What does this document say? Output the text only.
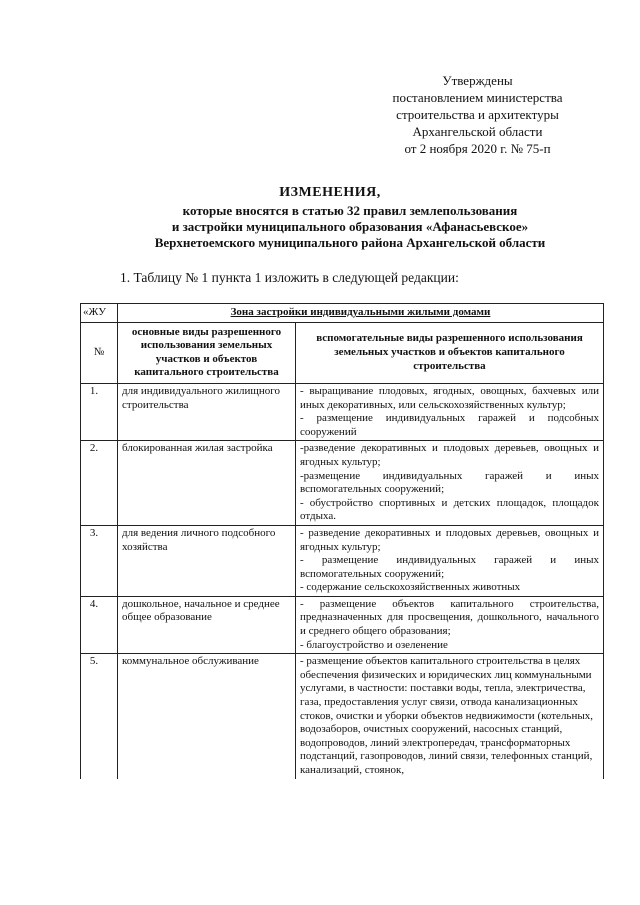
Утверждены
постановлением министерства
строительства и архитектуры
Архангельской области
от 2 ноября 2020 г. № 75-п
ИЗМЕНЕНИЯ,
которые вносятся в статью 32 правил землепользования
и застройки муниципального образования «Афанасьевское»
Верхнетоемского муниципального района Архангельской области
1. Таблицу № 1 пункта 1 изложить в следующей редакции:
«ЖУ	Зона застройки индивидуальными жилыми домами	
№	основные виды разрешенного использования земельных участков и объектов капитального строительства	вспомогательные виды разрешенного использования земельных участков и объектов капитального строительства
1.	для индивидуального жилищного строительства	- выращивание плодовых, ягодных, овощных, бахчевых или иных декоративных, или сельскохозяйственных культур;
- размещение индивидуальных гаражей и подсобных сооружений
2.	блокированная жилая застройка	-разведение декоративных и плодовых деревьев, овощных и ягодных культур;
-размещение индивидуальных гаражей и иных вспомогательных сооружений;
- обустройство спортивных и детских площадок, площадок отдыха.
3.	для ведения личного подсобного хозяйства	- разведение декоративных и плодовых деревьев, овощных и ягодных культур;
- размещение индивидуальных гаражей и иных вспомогательных сооружений;
- содержание сельскохозяйственных животных
4.	дошкольное, начальное и среднее общее образование	- размещение объектов капитального строительства, предназначенных для просвещения, дошкольного, начального и среднего общего образования;
- благоустройство и озеленение
5.	коммунальное обслуживание	- размещение объектов капитального строительства в целях обеспечения физических и юридических лиц коммунальными услугами, в частности: поставки воды, тепла, электричества, газа, предоставления услуг связи, отвода канализационных стоков, очистки и уборки объектов недвижимости (котельных, водозаборов, очистных сооружений, насосных станций, водопроводов, линий электропередач, трансформаторных подстанций, газопроводов, линий связи, телефонных станций, канализаций, стоянок,
